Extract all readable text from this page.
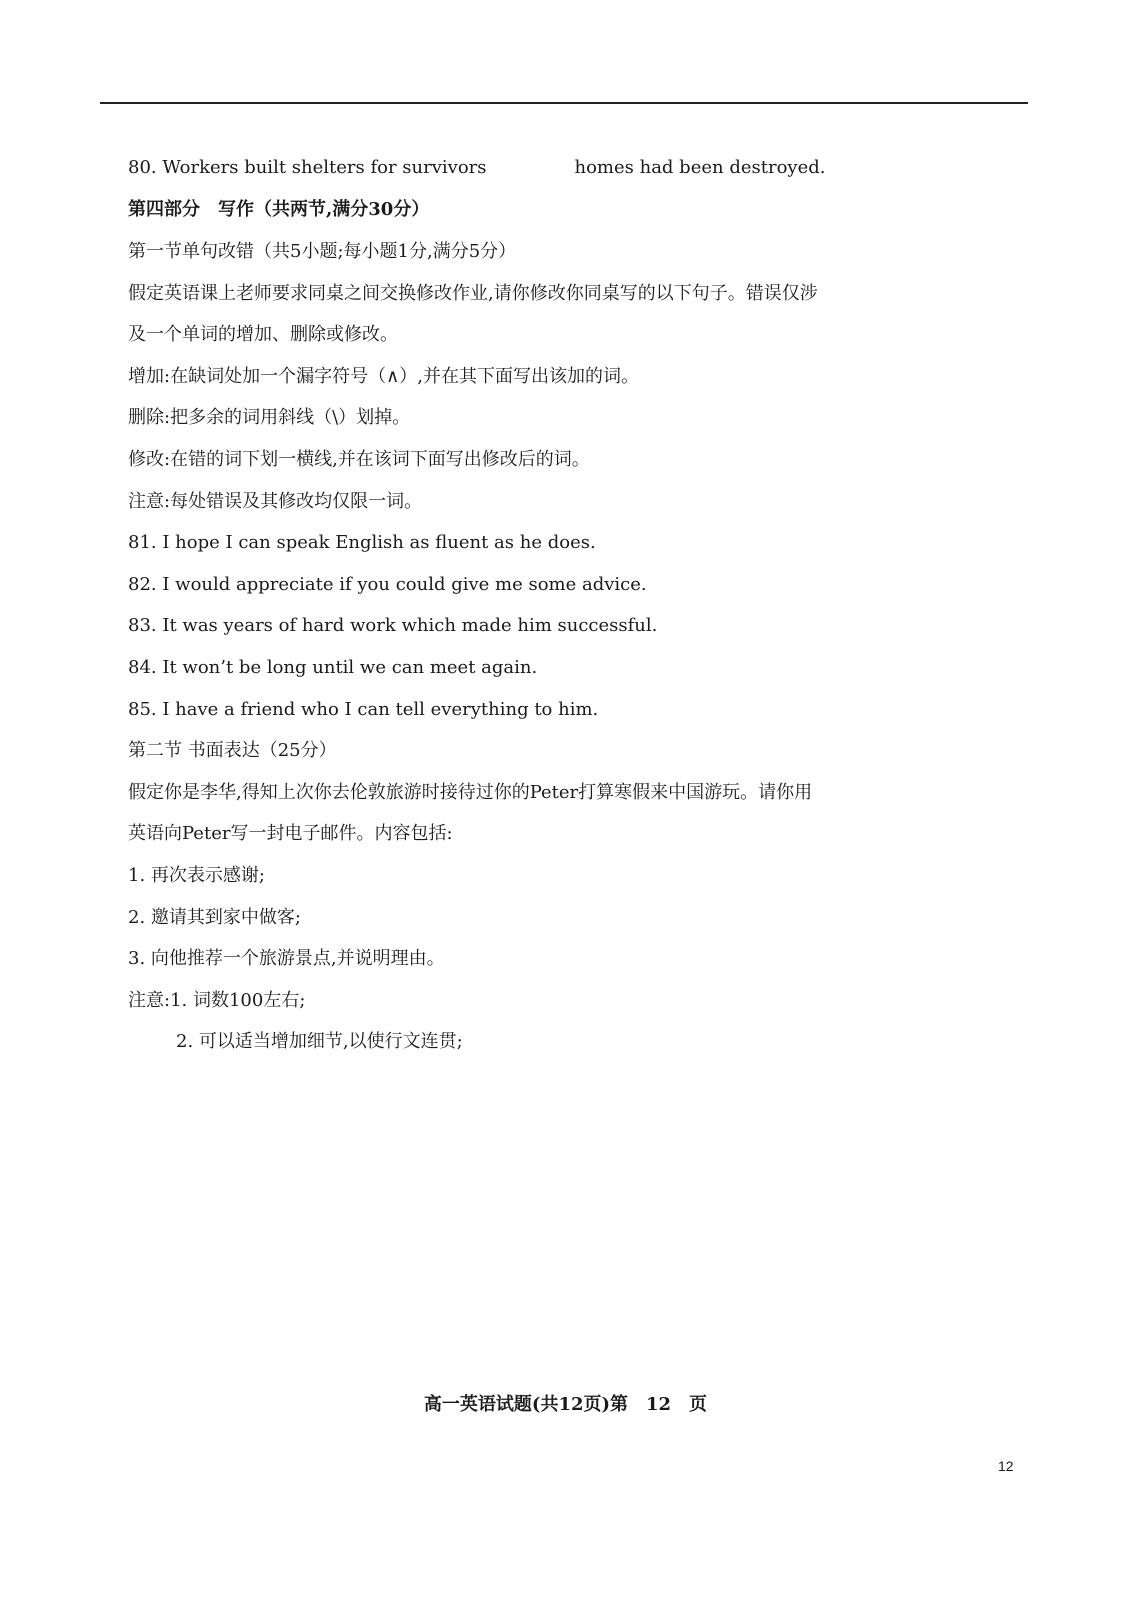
80. Workers built shelters for survivors	homes had been destroyed.
第四部分　写作（共两节,满分30分）
第一节单句改错（共5小题;每小题1分,满分5分）
假定英语课上老师要求同桌之间交换修改作业,请你修改你同桌写的以下句子。错误仅涉
及一个单词的增加、删除或修改。
增加:在缺词处加一个漏字符号（∧）,并在其下面写出该加的词。
删除:把多余的词用斜线（\）划掉。
修改:在错的词下划一横线,并在该词下面写出修改后的词。
注意:每处错误及其修改均仅限一词。
81. I hope I can speak English as fluent as he does.
82. I would appreciate if you could give me some advice.
83. It was years of hard work which made him successful.
84. It won’t be long until we can meet again.
85. I have a friend who I can tell everything to him.
第二节 书面表达（25分）
假定你是李华,得知上次你去伦敦旅游时接待过你的Peter打算寒假来中国游玩。请你用
英语向Peter写一封电子邮件。内容包括:
1. 再次表示感谢;
2. 邀请其到家中做客;
3. 向他推荐一个旅游景点,并说明理由。
注意:1. 词数100左右;
2. 可以适当增加细节,以使行文连贯;
高一英语试题(共12页)第　12　页
12
